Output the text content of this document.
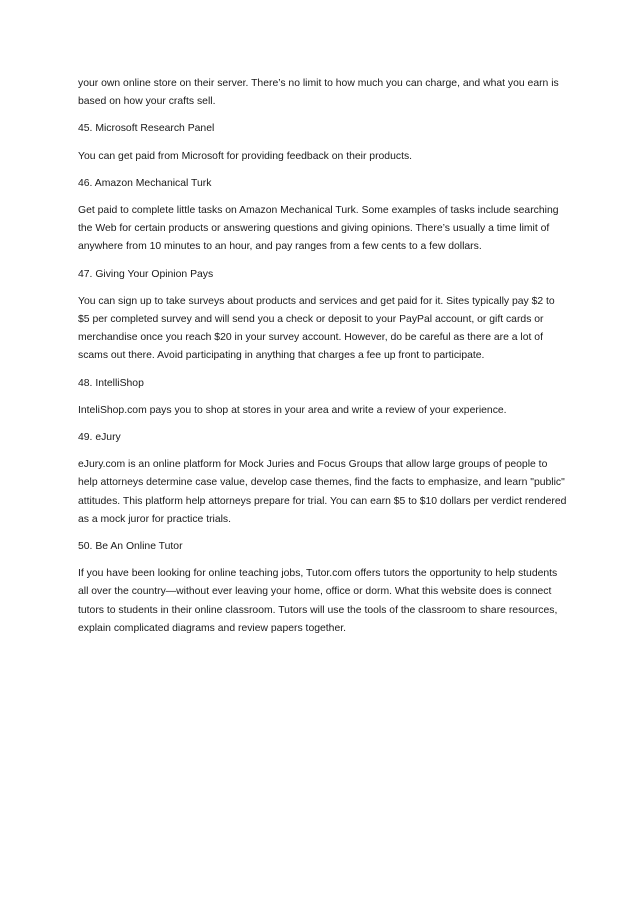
your own online store on their server. There’s no limit to how much you can charge, and what you earn is based on how your crafts sell.

45. Microsoft Research Panel

You can get paid from Microsoft for providing feedback on their products.

46. Amazon Mechanical Turk

Get paid to complete little tasks on Amazon Mechanical Turk. Some examples of tasks include searching the Web for certain products or answering questions and giving opinions. There’s usually a time limit of anywhere from 10 minutes to an hour, and pay ranges from a few cents to a few dollars.

47. Giving Your Opinion Pays

You can sign up to take surveys about products and services and get paid for it. Sites typically pay $2 to $5 per completed survey and will send you a check or deposit to your PayPal account, or gift cards or merchandise once you reach $20 in your survey account. However, do be careful as there are a lot of scams out there. Avoid participating in anything that charges a fee up front to participate.

48. IntelliShop

InteliShop.com pays you to shop at stores in your area and write a review of your experience.

49. eJury

eJury.com is an online platform for Mock Juries and Focus Groups that allow large groups of people to help attorneys determine case value, develop case themes, find the facts to emphasize, and learn "public" attitudes. This platform help attorneys prepare for trial. You can earn $5 to $10 dollars per verdict rendered as a mock juror for practice trials.

50. Be An Online Tutor

If you have been looking for online teaching jobs, Tutor.com offers tutors the opportunity to help students all over the country—without ever leaving your home, office or dorm. What this website does is connect tutors to students in their online classroom. Tutors will use the tools of the classroom to share resources, explain complicated diagrams and review papers together.
